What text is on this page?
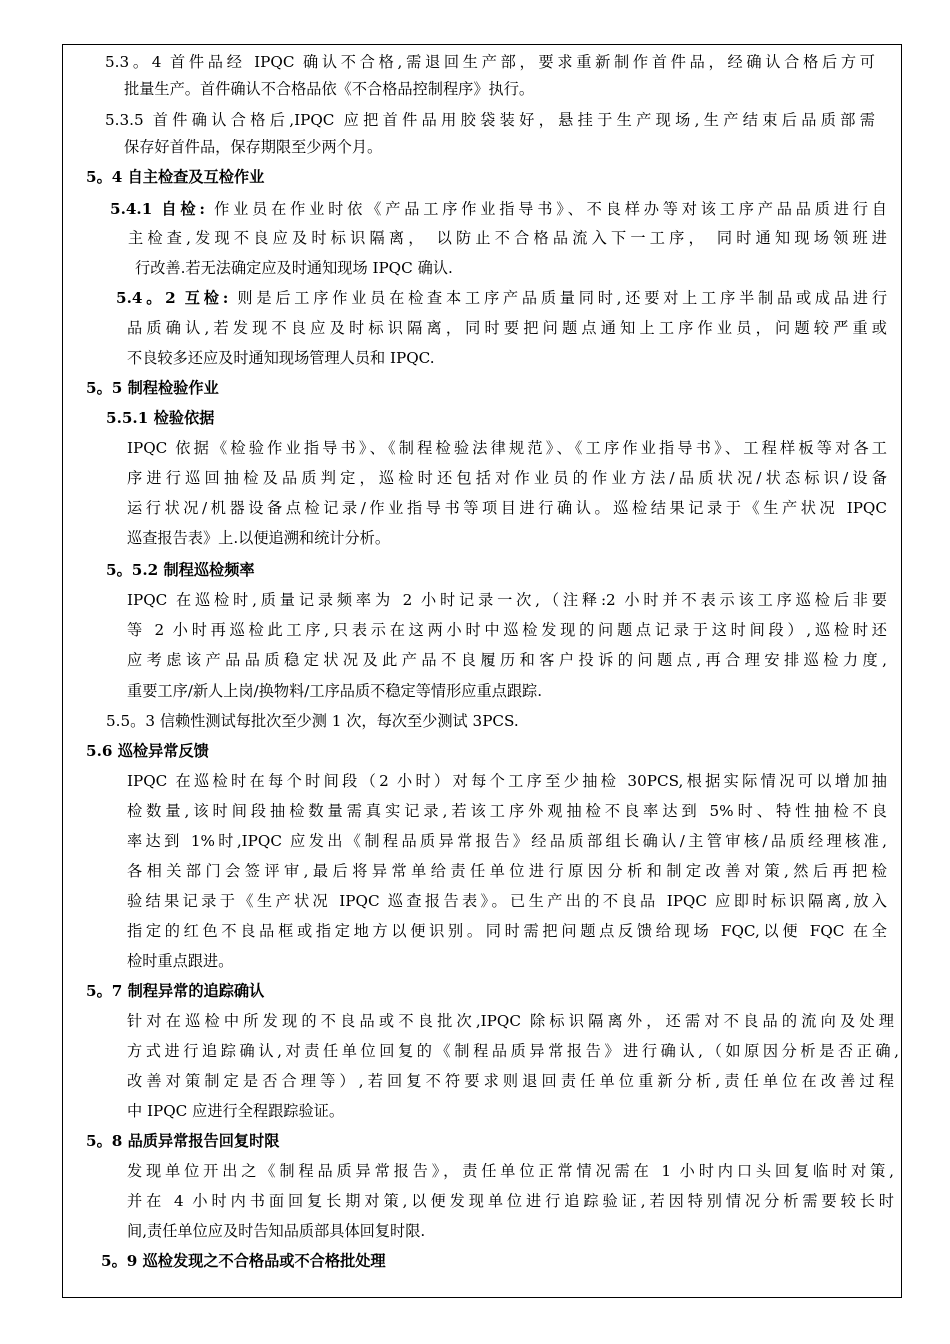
5.3。4 首件品经 IPQC 确认不合格,需退回生产部，要求重新制作首件品，经确认合格后方可
批量生产。首件确认不合格品依《不合格品控制程序》执行。
5.3.5 首件确认合格后,IPQC 应把首件品用胶袋装好，悬挂于生产现场,生产结束后品质部需
保存好首件品，保存期限至少两个月。
5。4 自主检查及互检作业
5.4.1 自检: 作业员在作业时依《产品工序作业指导书》、不良样办等对该工序产品品质进行自
主检查,发现不良应及时标识隔离， 以防止不合格品流入下一工序， 同时通知现场领班进
行改善.若无法确定应及时通知现场 IPQC 确认.
5.4。2 互检: 则是后工序作业员在检查本工序产品质量同时,还要对上工序半制品或成品进行
品质确认,若发现不良应及时标识隔离，同时要把问题点通知上工序作业员，问题较严重或
不良较多还应及时通知现场管理人员和 IPQC.
5。5 制程检验作业
5.5.1 检验依据
IPQC 依据《检验作业指导书》、《制程检验法律规范》、《工序作业指导书》、工程样板等对各工
序进行巡回抽检及品质判定，巡检时还包括对作业员的作业方法/品质状况/状态标识/设备
运行状况/机器设备点检记录/作业指导书等项目进行确认。巡检结果记录于《生产状况 IPQC
巡查报告表》上.以便追溯和统计分析。
5。5.2 制程巡检频率
IPQC 在巡检时,质量记录频率为 2 小时记录一次,（注释:2 小时并不表示该工序巡检后非要
等 2 小时再巡检此工序,只表示在这两小时中巡检发现的问题点记录于这时间段）,巡检时还
应考虑该产品品质稳定状况及此产品不良履历和客户投诉的问题点,再合理安排巡检力度,
重要工序/新人上岗/换物料/工序品质不稳定等情形应重点跟踪.
5.5。3 信赖性测试每批次至少测 1 次，每次至少测试 3PCS.
5.6 巡检异常反馈
IPQC 在巡检时在每个时间段（2 小时）对每个工序至少抽检 30PCS,根据实际情况可以增加抽
检数量,该时间段抽检数量需真实记录,若该工序外观抽检不良率达到 5%时、特性抽检不良
率达到 1%时,IPQC 应发出《制程品质异常报告》经品质部组长确认/主管审核/品质经理核准,
各相关部门会签评审,最后将异常单给责任单位进行原因分析和制定改善对策,然后再把检
验结果记录于《生产状况 IPQC 巡查报告表》。已生产出的不良品 IPQC 应即时标识隔离,放入
指定的红色不良品框或指定地方以便识别。同时需把问题点反馈给现场 FQC,以便 FQC 在全
检时重点跟进。
5。7 制程异常的追踪确认
针对在巡检中所发现的不良品或不良批次,IPQC 除标识隔离外，还需对不良品的流向及处理
方式进行追踪确认,对责任单位回复的《制程品质异常报告》进行确认,（如原因分析是否正确,
改善对策制定是否合理等）,若回复不符要求则退回责任单位重新分析,责任单位在改善过程
中 IPQC 应进行全程跟踪验证。
5。8 品质异常报告回复时限
发现单位开出之《制程品质异常报告》，责任单位正常情况需在 1 小时内口头回复临时对策,
并在 4 小时内书面回复长期对策,以便发现单位进行追踪验证,若因特别情况分析需要较长时
间,责任单位应及时告知品质部具体回复时限.
5。9 巡检发现之不合格品或不合格批处理
